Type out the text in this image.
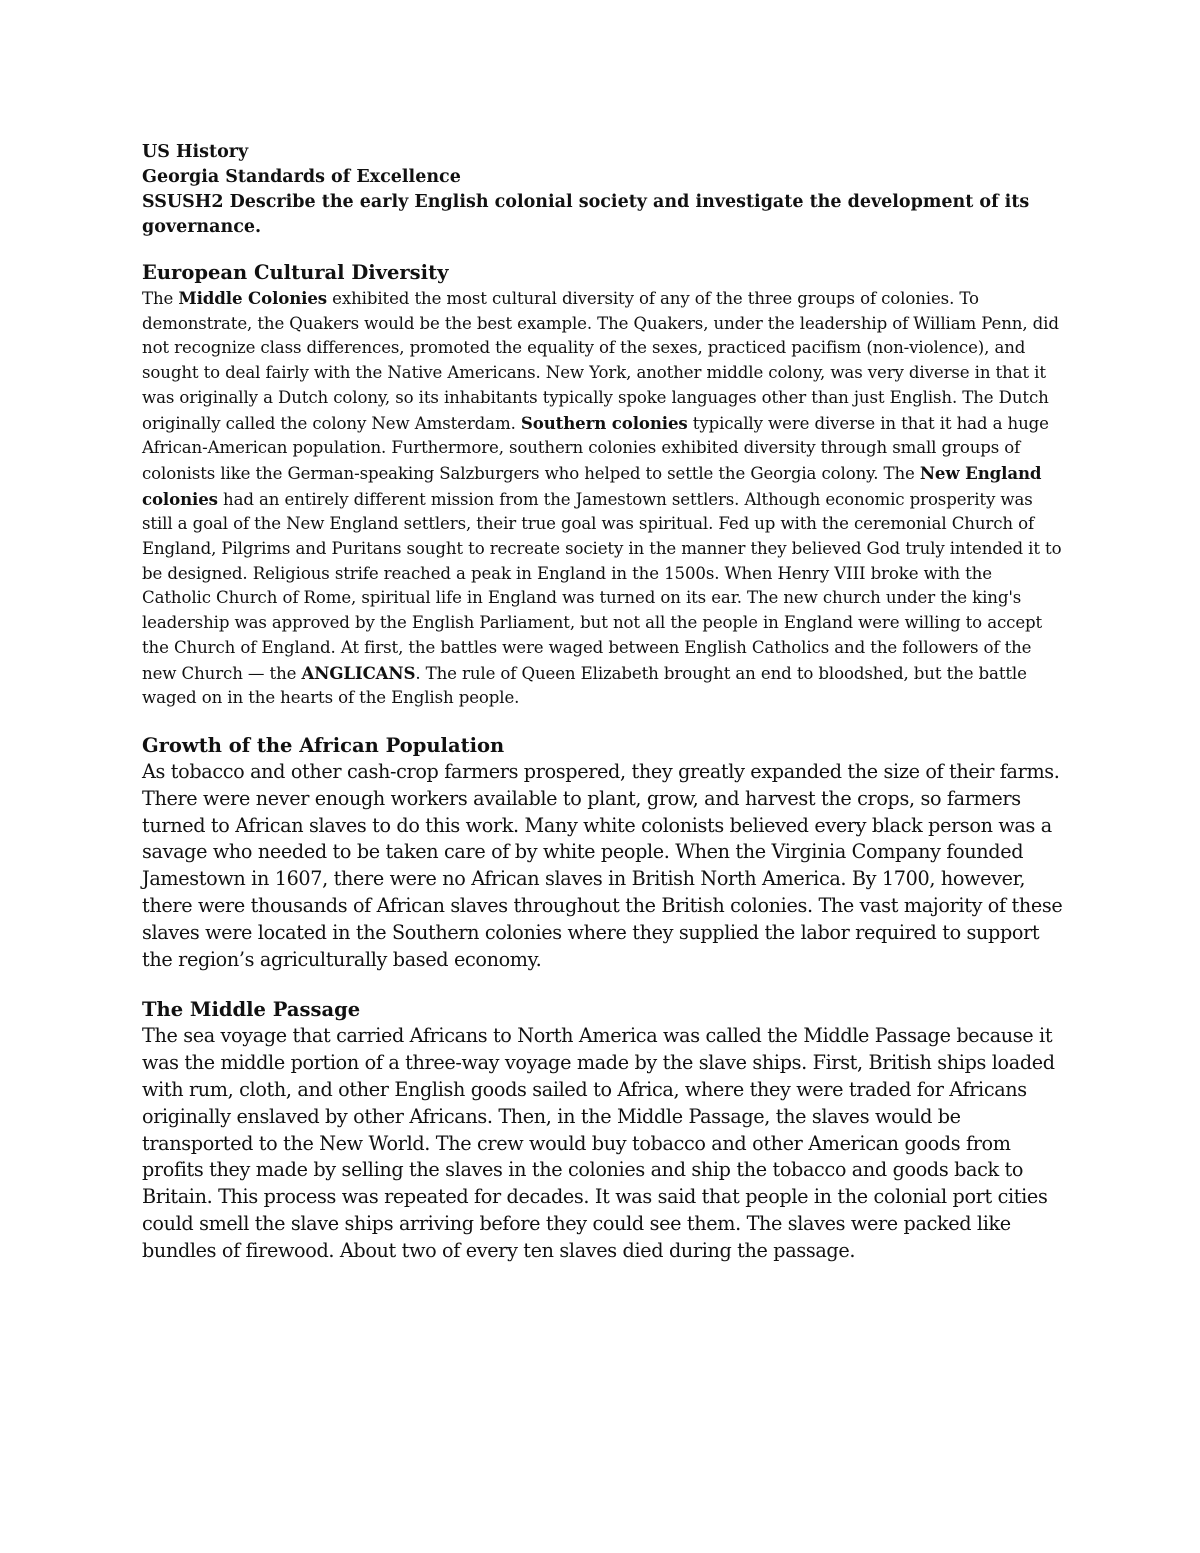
US History

Georgia Standards of Excellence

SSUSH2 Describe the early English colonial society and investigate the development of its governance.

European Cultural Diversity

The Middle Colonies exhibited the most cultural diversity of any of the three groups of colonies. To demonstrate, the Quakers would be the best example. The Quakers, under the leadership of William Penn, did not recognize class differences, promoted the equality of the sexes, practiced pacifism (non-violence), and sought to deal fairly with the Native Americans. New York, another middle colony, was very diverse in that it was originally a Dutch colony, so its inhabitants typically spoke languages other than just English. The Dutch originally called the colony New Amsterdam. Southern colonies typically were diverse in that it had a huge African-American population. Furthermore, southern colonies exhibited diversity through small groups of colonists like the German-speaking Salzburgers who helped to settle the Georgia colony. The New England colonies had an entirely different mission from the Jamestown settlers. Although economic prosperity was still a goal of the New England settlers, their true goal was spiritual. Fed up with the ceremonial Church of England, Pilgrims and Puritans sought to recreate society in the manner they believed God truly intended it to be designed. Religious strife reached a peak in England in the 1500s. When Henry VIII broke with the Catholic Church of Rome, spiritual life in England was turned on its ear. The new church under the king's leadership was approved by the English Parliament, but not all the people in England were willing to accept the Church of England. At first, the battles were waged between English Catholics and the followers of the new Church — the ANGLICANS. The rule of Queen Elizabeth brought an end to bloodshed, but the battle waged on in the hearts of the English people.

Growth of the African Population

As tobacco and other cash-crop farmers prospered, they greatly expanded the size of their farms. There were never enough workers available to plant, grow, and harvest the crops, so farmers turned to African slaves to do this work. Many white colonists believed every black person was a savage who needed to be taken care of by white people. When the Virginia Company founded Jamestown in 1607, there were no African slaves in British North America. By 1700, however, there were thousands of African slaves throughout the British colonies. The vast majority of these slaves were located in the Southern colonies where they supplied the labor required to support the region’s agriculturally based economy.

The Middle Passage

The sea voyage that carried Africans to North America was called the Middle Passage because it was the middle portion of a three-way voyage made by the slave ships. First, British ships loaded with rum, cloth, and other English goods sailed to Africa, where they were traded for Africans originally enslaved by other Africans. Then, in the Middle Passage, the slaves would be transported to the New World. The crew would buy tobacco and other American goods from profits they made by selling the slaves in the colonies and ship the tobacco and goods back to Britain. This process was repeated for decades. It was said that people in the colonial port cities could smell the slave ships arriving before they could see them. The slaves were packed like bundles of firewood. About two of every ten slaves died during the passage.
